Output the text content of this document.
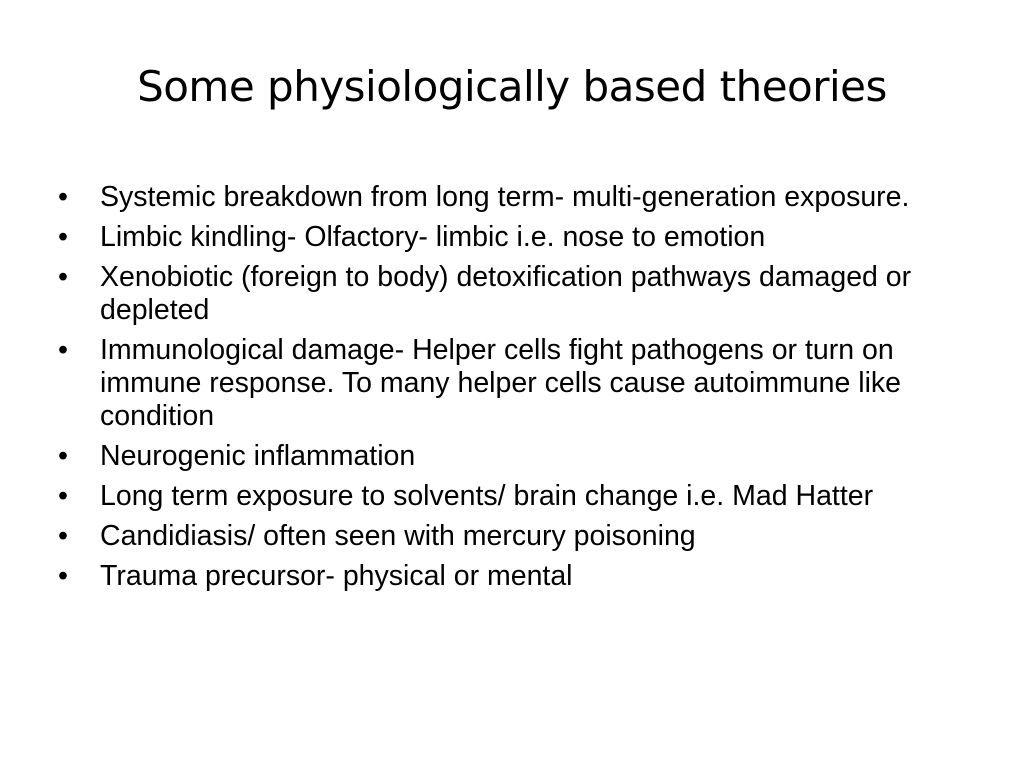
Some physiologically based theories
•	Systemic breakdown from long term- multi-generation exposure.
•	Limbic kindling- Olfactory- limbic i.e. nose to emotion
•	Xenobiotic (foreign to body) detoxification pathways damaged or depleted
•	Immunological damage- Helper cells fight pathogens or turn on immune response. To many helper cells cause autoimmune like condition
•	Neurogenic inflammation
•	Long term exposure to solvents/ brain change i.e. Mad Hatter
•	Candidiasis/ often seen with mercury poisoning
•	Trauma precursor- physical or mental
